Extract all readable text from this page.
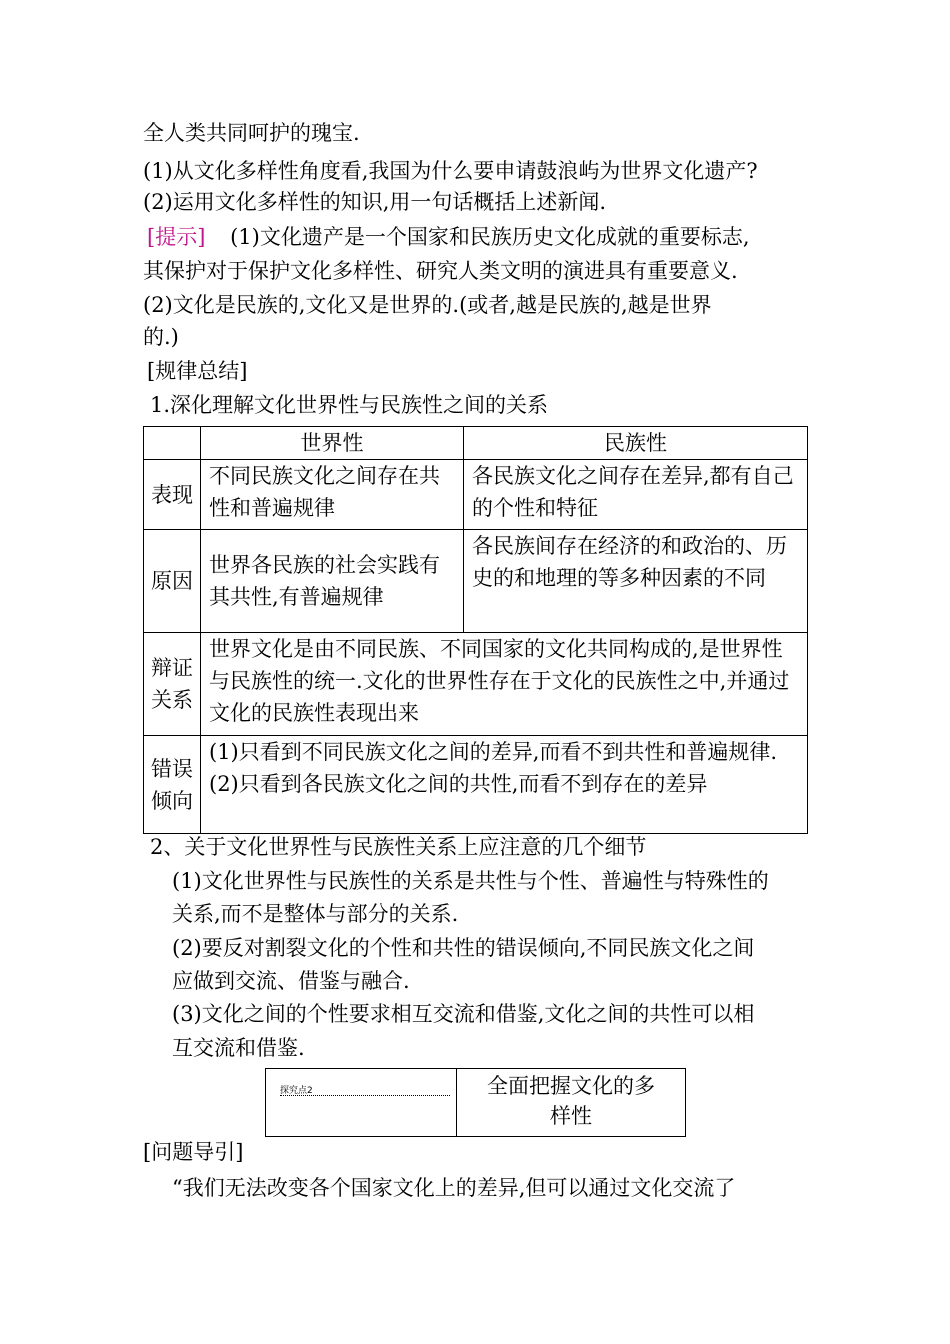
全人类共同呵护的瑰宝.
(1)从文化多样性角度看,我国为什么要申请鼓浪屿为世界文化遗产?
(2)运用文化多样性的知识,用一句话概括上述新闻.
[提示] (1)文化遗产是一个国家和民族历史文化成就的重要标志,
其保护对于保护文化多样性、研究人类文明的演进具有重要意义.
(2)文化是民族的,文化又是世界的.(或者,越是民族的,越是世界
的.)
[规律总结]
1.深化理解文化世界性与民族性之间的关系
	世界性	民族性
表现	不同民族文化之间存在共性和普遍规律	各民族文化之间存在差异,都有自己的个性和特征
原因	世界各民族的社会实践有其共性,有普遍规律	各民族间存在经济的和政治的、历史的和地理的等多种因素的不同
辩证关系	世界文化是由不同民族、不同国家的文化共同构成的,是世界性与民族性的统一.文化的世界性存在于文化的民族性之中,并通过文化的民族性表现出来	
错误倾向	(1)只看到不同民族文化之间的差异,而看不到共性和普遍规律.
(2)只看到各民族文化之间的共性,而看不到存在的差异	
2、关于文化世界性与民族性关系上应注意的几个细节
(1)文化世界性与民族性的关系是共性与个性、普遍性与特殊性的
关系,而不是整体与部分的关系.
(2)要反对割裂文化的个性和共性的错误倾向,不同民族文化之间
应做到交流、借鉴与融合.
(3)文化之间的个性要求相互交流和借鉴,文化之间的共性可以相
互交流和借鉴.
探究点2	全面把握文化的多样性
[问题导引]
“我们无法改变各个国家文化上的差异,但可以通过文化交流了
